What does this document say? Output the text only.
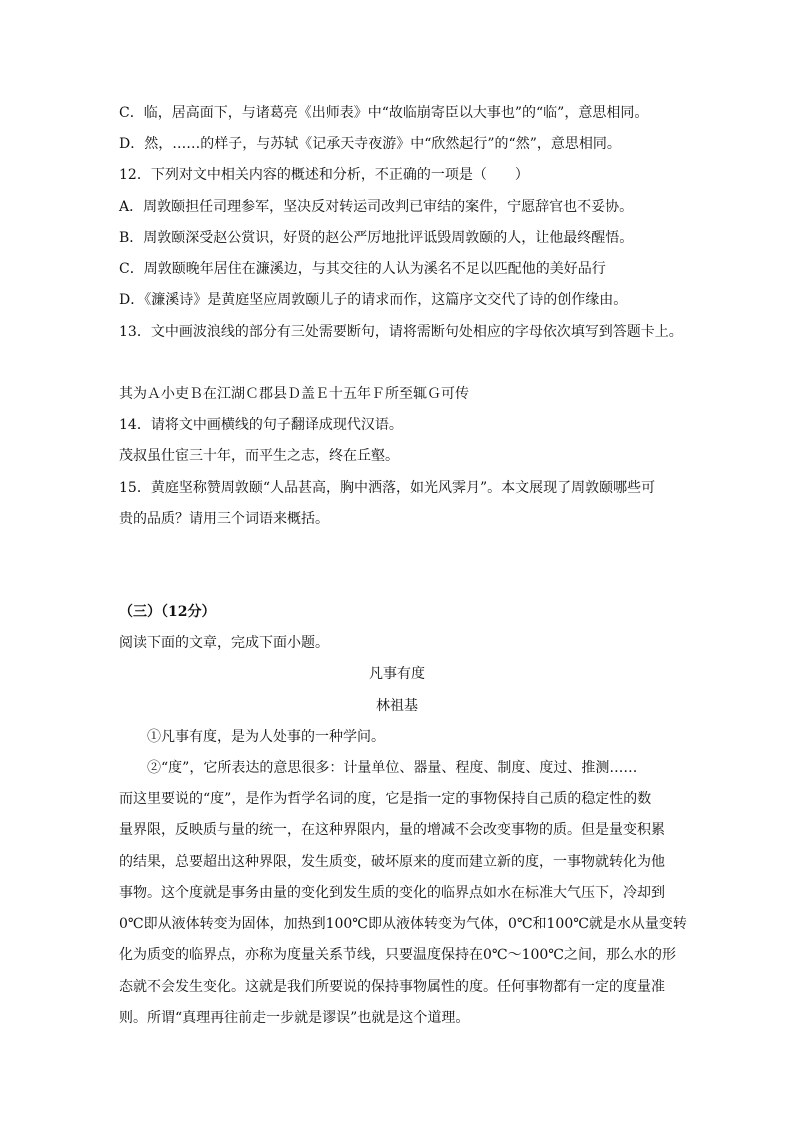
C．临，居高面下，与诸葛亮《出师表》中“故临崩寄臣以大事也”的“临”，意思相同。
D．然，……的样子，与苏轼《记承天寺夜游》中“欣然起行”的“然”，意思相同。
12．下列对文中相关内容的概述和分析，不正确的一项是（　　）
A．周敦颐担任司理参军，坚决反对转运司改判已审结的案件，宁愿辞官也不妥协。
B．周敦颐深受赵公赏识，好贤的赵公严厉地批评诋毁周敦颐的人，让他最终醒悟。
C．周敦颐晚年居住在濂溪边，与其交往的人认为溪名不足以匹配他的美好品行
D．《濂溪诗》是黄庭坚应周敦颐儿子的请求而作，这篇序文交代了诗的创作缘由。
13．文中画波浪线的部分有三处需要断句，请将需断句处相应的字母依次填写到答题卡上。
其为Ａ小吏Ｂ在江湖Ｃ郡县Ｄ盖Ｅ十五年Ｆ所至辄Ｇ可传
14．请将文中画横线的句子翻译成现代汉语。
茂叔虽仕宦三十年，而平生之志，终在丘壑。
15．黄庭坚称赞周敦颐“人品甚高，胸中洒落，如光风霁月”。本文展现了周敦颐哪些可
贵的品质？请用三个词语来概括。
（三）（12分）
阅读下面的文章，完成下面小题。
凡事有度
林祖基
①凡事有度，是为人处事的一种学问。
②“度”，它所表达的意思很多：计量单位、器量、程度、制度、度过、推测……
而这里要说的“度”，是作为哲学名词的度，它是指一定的事物保持自己质的稳定性的数
量界限，反映质与量的统一，在这种界限内，量的增减不会改变事物的质。但是量变积累
的结果，总要超出这种界限，发生质变，破坏原来的度而建立新的度，一事物就转化为他
事物。这个度就是事务由量的变化到发生质的变化的临界点如水在标准大气压下，冷却到
0℃即从液体转变为固体，加热到100℃即从液体转变为气体，0℃和100℃就是水从量变转
化为质变的临界点，亦称为度量关系节线，只要温度保持在0℃～100℃之间，那么水的形
态就不会发生变化。这就是我们所要说的保持事物属性的度。任何事物都有一定的度量准
则。所谓“真理再往前走一步就是谬误”也就是这个道理。
